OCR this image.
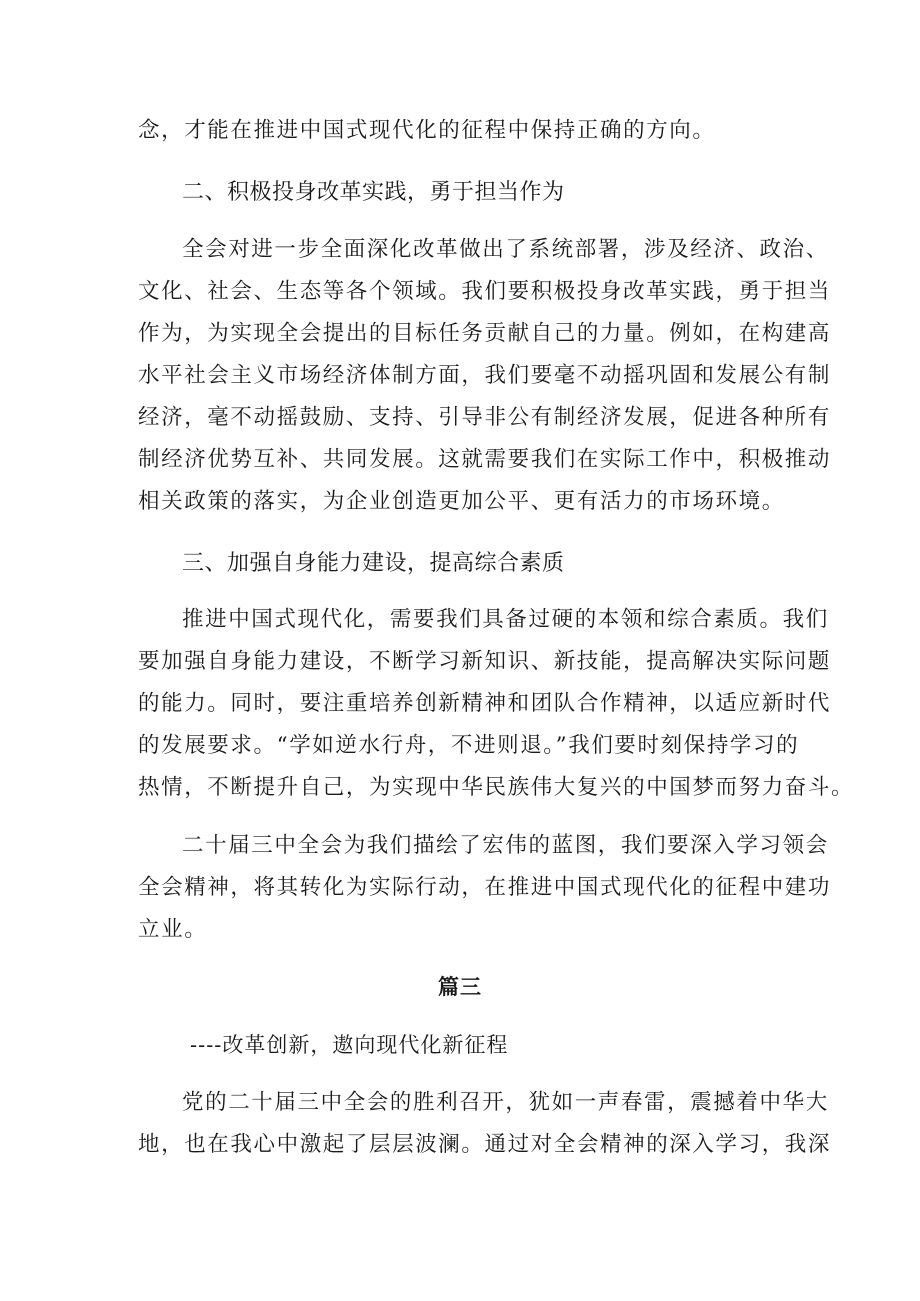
念，才能在推进中国式现代化的征程中保持正确的方向。
二、积极投身改革实践，勇于担当作为
全会对进一步全面深化改革做出了系统部署，涉及经济、政治、
文化、社会、生态等各个领域。我们要积极投身改革实践，勇于担当
作为，为实现全会提出的目标任务贡献自己的力量。例如，在构建高
水平社会主义市场经济体制方面，我们要毫不动摇巩固和发展公有制
经济，毫不动摇鼓励、支持、引导非公有制经济发展，促进各种所有
制经济优势互补、共同发展。这就需要我们在实际工作中，积极推动
相关政策的落实，为企业创造更加公平、更有活力的市场环境。
三、加强自身能力建设，提高综合素质
推进中国式现代化，需要我们具备过硬的本领和综合素质。我们
要加强自身能力建设，不断学习新知识、新技能，提高解决实际问题
的能力。同时，要注重培养创新精神和团队合作精神，以适应新时代
的发展要求。“学如逆水行舟，不进则退。”我们要时刻保持学习的
热情，不断提升自己，为实现中华民族伟大复兴的中国梦而努力奋斗。
二十届三中全会为我们描绘了宏伟的蓝图，我们要深入学习领会
全会精神，将其转化为实际行动，在推进中国式现代化的征程中建功
立业。
篇三
----改革创新，遨向现代化新征程
党的二十届三中全会的胜利召开，犹如一声春雷，震撼着中华大
地，也在我心中激起了层层波澜。通过对全会精神的深入学习，我深
